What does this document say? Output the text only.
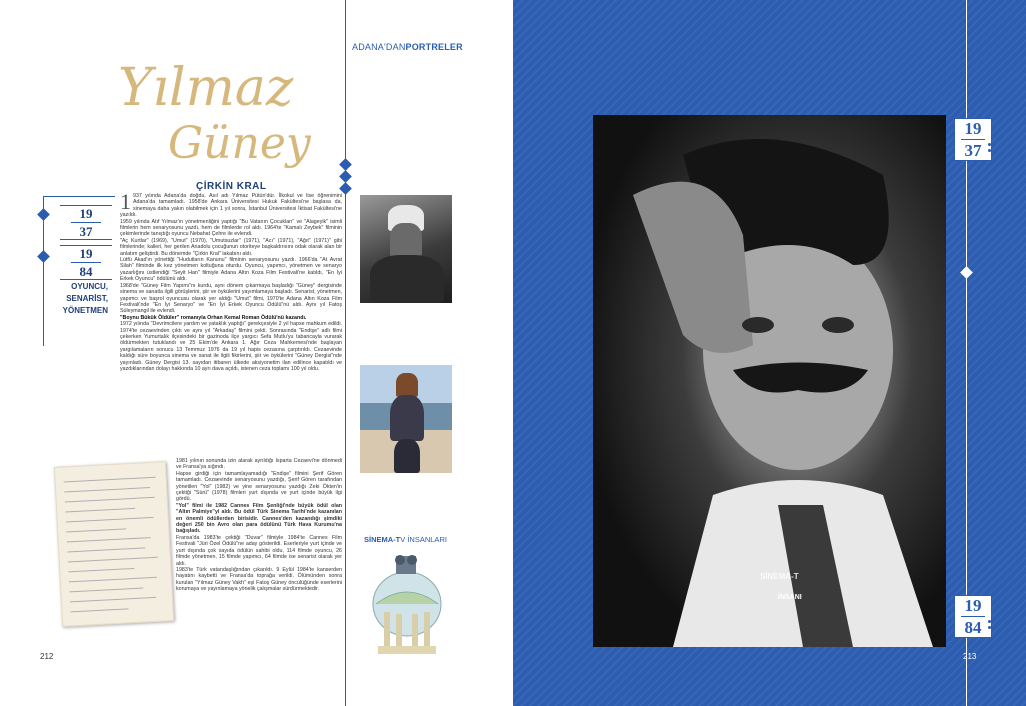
ADANA'DANPORTRELER
Yılmaz
Güney
ÇİRKİN KRAL
19
37
19
84
OYUNCU,
SENARİST,
YÖNETMEN
1 937 yılında Adana'da doğdu. Asıl adı Yılmaz Pütün'dür. İlkokul ve lise öğrenimini Adana'da tamamladı. 1958'de Ankara Üniversitesi Hukuk Fakültesi'ne başlasa da, sinemaya daha yakın olabilmek için 1 yıl sonra, İstanbul Üniversitesi İktisat Fakültesi'ne yazıldı.

1959 yılında Atıf Yılmaz'ın yönetmenliğini yaptığı "Bu Vatanın Çocukları" ve "Alageyik" isimli filmlerin hem senaryosunu yazdı, hem de filmlerde rol aldı. 1964'te "Kamalı Zeybek" filminin çekimlerinde tanıştığı oyuncu Nebahat Çehre ile evlendi.

"Aç Kurtlar" (1969), "Umut" (1970), "Umutsuzlar" (1971), "Acı" (1971), "Ağıt" (1971)" gibi filmlerinde; kalleri, her gerilen Anadolu çocuğunun otoriteye başkaldırısını odak olarak alan bir anlatım geliştirdi. Bu dönemde "Çirkin Kral" lakabını aldı.

Lütfü Akad'ın yönettiği "Hudutların Kanunu" filminin senaryosunu yazdı. 1966'da "At Avrat Silah" filminde ilk kez yönetmen koltuğuna oturdu. Oyuncu, yapımcı, yönetmen ve senaryo yazarlığını üstlendiği "Seyit Han" filmiyle Adana Altın Koza Film Festivali'ne katıldı, "En İyi Erkek Oyuncu" ödülünü aldı.

1968'de "Güney Film Yapımı"nı kurdu, aynı dönem çıkarmaya başladığı "Güney" dergisinde sinema ve sanatla ilgili görüşlerini, şiir ve öykülerini yayımlamaya başladı. Senarist, yönetmen, yapımcı ve başrol oyuncusu olarak yer aldığı "Umut" filmi, 1970'te Adana Altın Koza Film Festivali'nde "En İyi Senaryo" ve "En İyi Erkek Oyuncu Ödülü"nü aldı. Aynı yıl Fatoş Süleymangil ile evlendi.

"Boynu Bükük Öldüler" romanıyla Orhan Kemal Roman Ödülü'nü kazandı.

1972 yılında "Devrimcilere yardım ve yataklık yaptığı" gerekçesiyle 2 yıl hapse mahkum edildi. 1974'te cezaevinden çıktı ve aynı yıl "Arkadaş" filmini çekti. Sonrasında "Endişe" adlı filmi çekerken Yumurtalık ilçesindeki bir gazinoda ilçe yargıcı Sefa Mutlu'yu tabancayla vurarak öldürmekten tutuklandı ve 25 Ekim'de Ankara 1. Ağır Ceza Mahkemesi'nde başlayan yargılamaların sonucu 13 Temmuz 1976 da 19 yıl hapis cezasına çarptırıldı. Cezaevinde kaldığı süre boyunca sinema ve sanat ile ilgili fikirlerini, şiir ve öykülerini "Güney Dergisi"nde yayınladı. Güney Dergisi 13. sayıdan itibaren ülkede aksiyonetim ilan edilince kapatıldı ve yazdıklarından dolayı hakkında 10 ayrı dava açıldı, istenen ceza toplamı 100 yıl oldu.

1981 yılının sonunda izin alarak ayrıldığı Isparta Cezaevi'ne dönmedi ve Fransa'ya sığındı.

Hapse girdiği için tamamlayamadığı "Endişe" filmini Şerif Gören tamamladı. Cezaevinde senaryosunu yazdığı, Şerif Gören tarafından yönetilen "Yol" (1982) ve yine senaryosunu yazdığı Zeki Ökten'in çektiği "Sürü" (1978) filmleri yurt dışında ve yurt içinde büyük ilgi gördü.

"Yol" filmi ile 1982 Cannes Film Şenliği'nde büyük ödül olan "Altın Palmiye"yi aldı. Bu ödül Türk Sinema Tarihi'nde kazanılan en önemli ödüllerden birisidir. Cannes'den kazandığı şimdiki değeri 250 bin Avro olan para ödülünü Türk Hava Kurumu'na bağışladı.

Fransa'da 1983'te çektiği "Duvar" filmiyle 1984'te Cannes Film Festivali "Jüri Özel Ödülü"ne aday gösterildi. Eserleriyle yurt içinde ve yurt dışında çok sayıda ödülün sahibi oldu, 114 filmde oyuncu, 26 filmde yönetmen, 15 filmde yapımcı, 64 filmde ise senarist olarak yer aldı.

1983'te Türk vatandaşlığından çıkarıldı. 9 Eylül 1984'te kanserden hayatını kaybetti ve Fransa'da toprağa verildi. Ölümünden sonra kurulan "Yılmaz Güney Vakfı" eşi Fatoş Güney öncülüğünde eserlerini korumaya ve yayınlamaya yönelik çalışmalar sürdürmektedir.

SİNEMA-TV İNSANLARI
212
19
37
19
84
SİNEMA-T
İNSANI
213
